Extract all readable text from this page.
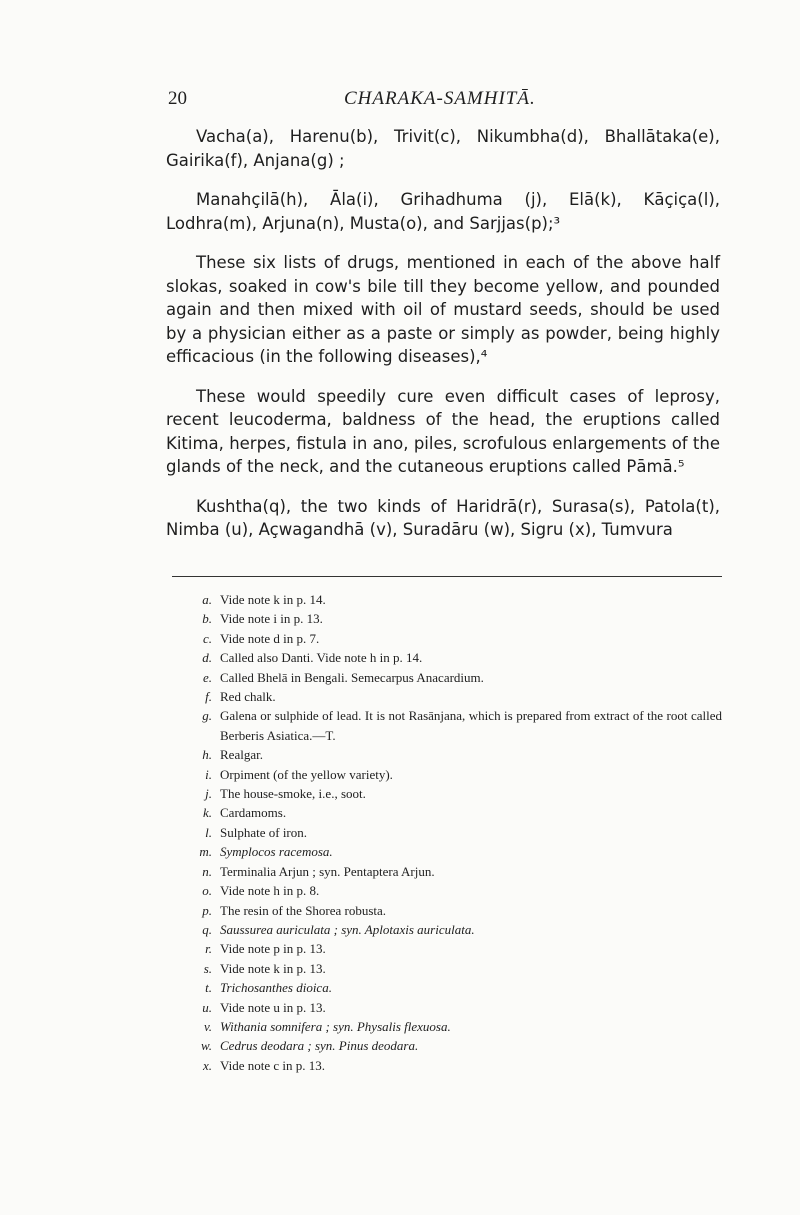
20	CHARAKA-SAMHITĀ.

Vacha(a), Harenu(b), Trivit(c), Nikumbha(d), Bhallātaka(e), Gairika(f), Anjana(g) ;

Manahçilā(h), Āla(i), Grihadhuma (j), Elā(k), Kāçiça(l), Lodhra(m), Arjuna(n), Musta(o), and Sarjjas(p);³

These six lists of drugs, mentioned in each of the above half slokas, soaked in cow's bile till they become yellow, and pounded again and then mixed with oil of mustard seeds, should be used by a physician either as a paste or simply as powder, being highly efficacious (in the following diseases),⁴

These would speedily cure even difficult cases of leprosy, recent leucoderma, baldness of the head, the eruptions called Kitima, herpes, fistula in ano, piles, scrofulous enlargements of the glands of the neck, and the cutaneous eruptions called Pāmā.⁵

Kushtha(q), the two kinds of Haridrā(r), Surasa(s), Patola(t), Nimba (u), Açwagandhā (v), Suradāru (w), Sigru (x), Tumvura

a. Vide note k in p. 14.
b. Vide note i in p. 13.
c. Vide note d in p. 7.
d. Called also Danti. Vide note h in p. 14.
e. Called Bhelā in Bengali. Semecarpus Anacardium.
f. Red chalk.
g. Galena or sulphide of lead. It is not Rasānjana, which is prepared from extract of the root called Berberis Asiatica.—T.
h. Realgar.
i. Orpiment (of the yellow variety).
j. The house-smoke, i.e., soot.
k. Cardamoms.
l. Sulphate of iron.
m. Symplocos racemosa.
n. Terminalia Arjun ; syn. Pentaptera Arjun.
o. Vide note h in p. 8.
p. The resin of the Shorea robusta.
q. Saussurea auriculata ; syn. Aplotaxis auriculata.
r. Vide note p in p. 13.
s. Vide note k in p. 13.
t. Trichosanthes dioica.
u. Vide note u in p. 13.
v. Withania somnifera ; syn. Physalis flexuosa.
w. Cedrus deodara ; syn. Pinus deodara.
x. Vide note c in p. 13.
